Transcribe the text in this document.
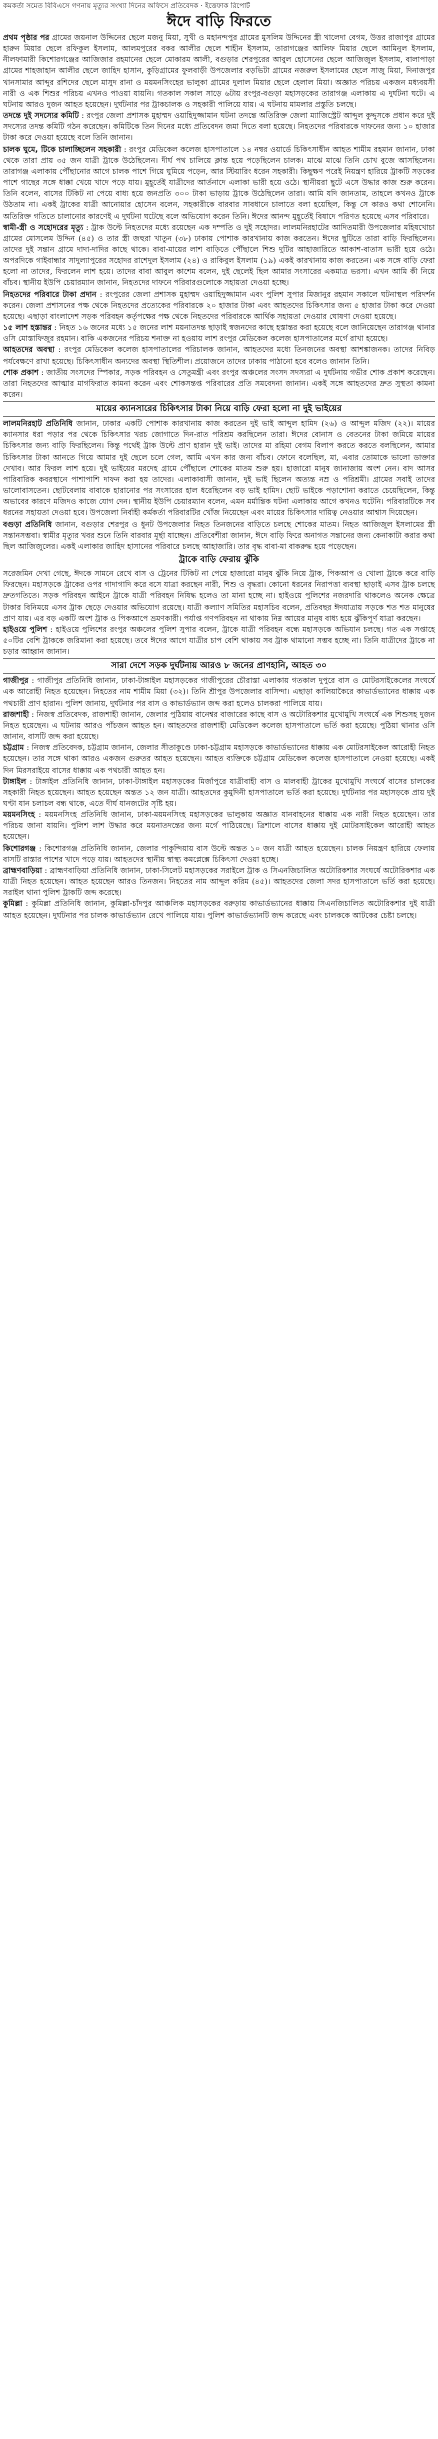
কমকর্তা সমেত বিবিএসে গণনায় মৃত্যুর সংখ্যা দিনের অফিসে প্রতিবেদক · ইত্তেফাক রিপোর্ট
ঈদে বাড়ি ফিরতে

প্রথম পৃষ্ঠার পর গ্রামের জয়নাল উদ্দিনের ছেলে মজনু মিয়া, সুখী ও মহানন্দপুর গ্রামের মুসলিম উদ্দিনের স্ত্রী খালেদা বেগম, উত্তর রাজাপুর গ্রামের হারুন মিয়ার ছেলে রফিকুল ইসলাম, আলমপুরের বকর আলীর ছেলে শাহীন ইসলাম, তারাগঞ্জের আলিফ মিয়ার ছেলে আমিনুল ইসলাম, নীলফামারী কিশোরগঞ্জের আজিজার রহমানের ছেলে মোকারম আলী, বগুড়ার শেরপুরের আবুল হোসেনের ছেলে আজিজুল ইসলাম, বালাপাড়া গ্রামের শাহজাহান আলীর ছেলে জাহিদ হাসান, কুড়িগ্রামের ফুলবাড়ী উপজেলার বড়ভিটা গ্রামের নজরুল ইসলামের ছেলে সাজু মিয়া, দিনাজপুর খানসামার আব্দুর রশিদের ছেলে মাসুদ রানা ও ময়মনসিংহের ভালুকা গ্রামের দুলাল মিয়ার ছেলে হেলাল মিয়া। অজ্ঞাত পরিচয় একজন মধ্যবয়সী নারী ও এক শিশুর পরিচয় এখনও পাওয়া যায়নি। গতকাল সকাল সাড়ে ৬টায় রংপুর-বগুড়া মহাসড়কের তারাগঞ্জ এলাকায় এ দুর্ঘটনা ঘটে। এ ঘটনায় আরও দুজন আহত হয়েছেন। দুর্ঘটনার পর ট্রাকচালক ও সহকারী পালিয়ে যায়। এ ঘটনায় মামলার প্রস্তুতি চলছে।

তদন্তে দুই সদস্যের কমিটি : রংপুর জেলা প্রশাসক মুহাম্মদ ওয়াহিদুজ্জামান ঘটনা তদন্তে অতিরিক্ত জেলা ম্যাজিস্ট্রেট আব্দুল কুদ্দুসকে প্রধান করে দুই সদস্যের তদন্ত কমিটি গঠন করেছেন। কমিটিকে তিন দিনের মধ্যে প্রতিবেদন জমা দিতে বলা হয়েছে। নিহতদের পরিবারকে দাফনের জন্য ১০ হাজার টাকা করে দেওয়া হয়েছে বলে তিনি জানান।

চালক ঘুমে, টিকে চালাচ্ছিলেন সহকারী : রংপুর মেডিকেল কলেজ হাসপাতালে ১৪ নম্বর ওয়ার্ডে চিকিৎসাধীন আহত শামীম রহমান জানান, ঢাকা থেকে তারা প্রায় ৩৫ জন যাত্রী ট্রাকে উঠেছিলেন। দীর্ঘ পথ চালিয়ে ক্লান্ত হয়ে পড়েছিলেন চালক। মাঝে মাঝে তিনি চোখ বুজে আসছিলেন। তারাগঞ্জ এলাকায় পৌঁছানোর আগে চালক পাশে গিয়ে ঘুমিয়ে পড়েন, আর স্টিয়ারিং ধরেন সহকারী। কিছুক্ষণ পরেই নিয়ন্ত্রণ হারিয়ে ট্রাকটি সড়কের পাশে গাছের সঙ্গে ধাক্কা খেয়ে খাদে পড়ে যায়। মুহূর্তেই যাত্রীদের আর্তনাদে এলাকা ভারী হয়ে ওঠে। স্থানীয়রা ছুটে এসে উদ্ধার কাজ শুরু করেন। তিনি বলেন, বাসের টিকিট না পেয়ে বাধ্য হয়ে জনপ্রতি ৩০০ টাকা ভাড়ায় ট্রাকে উঠেছিলেন তারা। আমি যদি জানতাম, তাহলে কখনও ট্রাকে উঠতাম না। একই ট্রাকের যাত্রী আনোয়ার হোসেন বলেন, সহকারীকে বারবার সাবধানে চালাতে বলা হয়েছিল, কিন্তু সে কারও কথা শোনেনি। অতিরিক্ত গতিতে চালানোর কারণেই এ দুর্ঘটনা ঘটেছে বলে অভিযোগ করেন তিনি। ঈদের আনন্দ মুহূর্তেই বিষাদে পরিণত হয়েছে এসব পরিবারে।

স্বামী-স্ত্রী ও সহোদরের মৃত্যু : ট্রাক উল্টে নিহতদের মধ্যে রয়েছেন এক দম্পতি ও দুই সহোদর। লালমনিরহাটের আদিতমারী উপজেলার মহিষখোচা গ্রামের মোসলেম উদ্দিন (৪৫) ও তার স্ত্রী জহুরা খাতুন (৩৮) ঢাকায় পোশাক কারখানায় কাজ করতেন। ঈদের ছুটিতে তারা বাড়ি ফিরছিলেন। তাদের দুই সন্তান গ্রামে দাদা-দাদির কাছে থাকে। বাবা-মায়ের লাশ বাড়িতে পৌঁছালে শিশু দুটির আহাজারিতে আকাশ-বাতাস ভারী হয়ে ওঠে। অপরদিকে গাইবান্ধার সাদুল্যাপুরের সহোদর রাশেদুল ইসলাম (২৪) ও রাকিবুল ইসলাম (১৯) একই কারখানায় কাজ করতেন। এক সঙ্গে বাড়ি ফেরা হলো না তাদের, ফিরলেন লাশ হয়ে। তাদের বাবা আবুল কাশেম বলেন, দুই ছেলেই ছিল আমার সংসারের একমাত্র ভরসা। এখন আমি কী নিয়ে বাঁচব। স্থানীয় ইউপি চেয়ারম্যান জানান, নিহতদের দাফনে পরিবারগুলোকে সহায়তা দেওয়া হচ্ছে।

নিহতদের পরিবারে টাকা প্রদান : রংপুরের জেলা প্রশাসক মুহাম্মদ ওয়াহিদুজ্জামান এবং পুলিশ সুপার মিজানুর রহমান সকালে ঘটনাস্থল পরিদর্শন করেন। জেলা প্রশাসনের পক্ষ থেকে নিহতদের প্রত্যেকের পরিবারকে ২০ হাজার টাকা এবং আহতদের চিকিৎসার জন্য ৫ হাজার টাকা করে দেওয়া হয়েছে। এছাড়া বাংলাদেশ সড়ক পরিবহন কর্তৃপক্ষের পক্ষ থেকে নিহতদের পরিবারকে আর্থিক সহায়তা দেওয়ার ঘোষণা দেওয়া হয়েছে।

১৫ লাশ হস্তান্তর : নিহত ১৬ জনের মধ্যে ১৫ জনের লাশ ময়নাতদন্ত ছাড়াই স্বজনদের কাছে হস্তান্তর করা হয়েছে বলে জানিয়েছেন তারাগঞ্জ থানার ওসি মোস্তাফিজুর রহমান। বাকি একজনের পরিচয় শনাক্ত না হওয়ায় লাশ রংপুর মেডিকেল কলেজ হাসপাতালের মর্গে রাখা হয়েছে।

আহতদের অবস্থা : রংপুর মেডিকেল কলেজ হাসপাতালের পরিচালক জানান, আহতদের মধ্যে তিনজনের অবস্থা আশঙ্কাজনক। তাদের নিবিড় পর্যবেক্ষণে রাখা হয়েছে। চিকিৎসাধীন অন্যদের অবস্থা স্থিতিশীল। প্রয়োজনে তাদের ঢাকায় পাঠানো হবে বলেও জানান তিনি।

শোক প্রকাশ : জাতীয় সংসদের স্পিকার, সড়ক পরিবহন ও সেতুমন্ত্রী এবং রংপুর অঞ্চলের সংসদ সদস্যরা এ দুর্ঘটনায় গভীর শোক প্রকাশ করেছেন। তারা নিহতদের আত্মার মাগফিরাত কামনা করেন এবং শোকসন্তপ্ত পরিবারের প্রতি সমবেদনা জানান। একই সঙ্গে আহতদের দ্রুত সুস্থতা কামনা করেন।

মায়ের ক্যানসারের চিকিৎসার টাকা নিয়ে বাড়ি ফেরা হলো না দুই ভাইয়ের

লালমনিরহাট প্রতিনিধি জানান, ঢাকার একটি পোশাক কারখানায় কাজ করতেন দুই ভাই আব্দুল হামিদ (২৬) ও আব্দুল মজিদ (২২)। মায়ের ক্যানসার ধরা পড়ার পর থেকে চিকিৎসার খরচ জোগাতে দিন-রাত পরিশ্রম করছিলেন তারা। ঈদের বোনাস ও বেতনের টাকা জমিয়ে মায়ের চিকিৎসার জন্য বাড়ি ফিরছিলেন। কিন্তু পথেই ট্রাক উল্টে প্রাণ হারান দুই ভাই। তাদের মা রহিমা বেগম বিলাপ করতে করতে বলছিলেন, আমার চিকিৎসার টাকা আনতে গিয়ে আমার দুই ছেলে চলে গেল, আমি এখন কার জন্য বাঁচব। ফোনে বলেছিল, মা, এবার তোমাকে ভালো ডাক্তার দেখাব। আর ফিরল লাশ হয়ে। দুই ভাইয়ের মরদেহ গ্রামে পৌঁছালে শোকের মাতম শুরু হয়। হাজারো মানুষ জানাজায় অংশ নেন। বাদ আসর পারিবারিক কবরস্থানে পাশাপাশি দাফন করা হয় তাদের। এলাকাবাসী জানান, দুই ভাই ছিলেন অত্যন্ত নম্র ও পরিশ্রমী। গ্রামের সবাই তাদের ভালোবাসতেন। ছোটবেলায় বাবাকে হারানোর পর সংসারের হাল ধরেছিলেন বড় ভাই হামিদ। ছোট ভাইকে পড়াশোনা করাতে চেয়েছিলেন, কিন্তু অভাবের কারণে মজিদও কাজে যোগ দেন। স্থানীয় ইউপি চেয়ারম্যান বলেন, এমন মর্মান্তিক ঘটনা এলাকায় আগে কখনও ঘটেনি। পরিবারটিকে সব ধরনের সহায়তা দেওয়া হবে। উপজেলা নির্বাহী কর্মকর্তা পরিবারটির খোঁজ নিয়েছেন এবং মায়ের চিকিৎসার দায়িত্ব নেওয়ার আশ্বাস দিয়েছেন।

বগুড়া প্রতিনিধি জানান, বগুড়ার শেরপুর ও ধুনট উপজেলার নিহত তিনজনের বাড়িতে চলছে শোকের মাতম। নিহত আজিজুল ইসলামের স্ত্রী সন্তানসম্ভবা। স্বামীর মৃত্যুর খবর শুনে তিনি বারবার মূর্ছা যাচ্ছেন। প্রতিবেশীরা জানান, ঈদে বাড়ি ফিরে অনাগত সন্তানের জন্য কেনাকাটা করার কথা ছিল আজিজুলের। একই এলাকার জাহিদ হাসানের পরিবারে চলছে আহাজারি। তার বৃদ্ধ বাবা-মা বাকরুদ্ধ হয়ে পড়েছেন।

ট্রাকে বাড়ি ফেরায় ঝুঁকি

সরেজমিন দেখা গেছে, ঈদকে সামনে রেখে বাস ও ট্রেনের টিকিট না পেয়ে হাজারো মানুষ ঝুঁকি নিয়ে ট্রাক, পিকআপ ও খোলা ট্রাকে করে বাড়ি ফিরছেন। মহাসড়কে ট্রাকের ওপর গাদাগাদি করে বসে যাত্রা করছেন নারী, শিশু ও বৃদ্ধরা। কোনো ধরনের নিরাপত্তা ব্যবস্থা ছাড়াই এসব ট্রাক চলছে দ্রুতগতিতে। সড়ক পরিবহন আইনে ট্রাকে যাত্রী পরিবহন নিষিদ্ধ হলেও তা মানা হচ্ছে না। হাইওয়ে পুলিশের নজরদারি থাকলেও অনেক ক্ষেত্রে টাকার বিনিময়ে এসব ট্রাক ছেড়ে দেওয়ার অভিযোগ রয়েছে। যাত্রী কল্যাণ সমিতির মহাসচিব বলেন, প্রতিবছর ঈদযাত্রায় সড়কে শত শত মানুষের প্রাণ যায়। এর বড় একটি অংশ ট্রাক ও পিকআপে ভ্রমণকারী। পর্যাপ্ত গণপরিবহন না থাকায় নিম্ন আয়ের মানুষ বাধ্য হয়ে ঝুঁকিপূর্ণ যাত্রা করছেন।

হাইওয়ে পুলিশ : হাইওয়ে পুলিশের রংপুর অঞ্চলের পুলিশ সুপার বলেন, ট্রাকে যাত্রী পরিবহন বন্ধে মহাসড়কে অভিযান চলছে। গত এক সপ্তাহে ৫০টির বেশি ট্রাককে জরিমানা করা হয়েছে। তবে ঈদের আগে যাত্রীর চাপ বেশি থাকায় সব ট্রাক থামানো সম্ভব হচ্ছে না। তিনি যাত্রীদের ট্রাকে না চড়ার আহ্বান জানান।

সারা দেশে সড়ক দুর্ঘটনায় আরও ৮ জনের প্রাণহানি, আহত ৩০

গাজীপুর : গাজীপুর প্রতিনিধি জানান, ঢাকা-টাঙ্গাইল মহাসড়কের গাজীপুরের চৌরাস্তা এলাকায় গতকাল দুপুরে বাস ও মোটরসাইকেলের সংঘর্ষে এক আরোহী নিহত হয়েছেন। নিহতের নাম শামীম মিয়া (৩২)। তিনি শ্রীপুর উপজেলার বাসিন্দা। এছাড়া কালিয়াকৈরে কাভার্ডভ্যানের ধাক্কায় এক পথচারী প্রাণ হারান। পুলিশ জানায়, দুর্ঘটনার পর বাস ও কাভার্ডভ্যান জব্দ করা হলেও চালকরা পালিয়ে যায়।

রাজশাহী : নিজস্ব প্রতিবেদক, রাজশাহী জানান, জেলার পুঠিয়ায় বানেশ্বর বাজারের কাছে বাস ও অটোরিকশার মুখোমুখি সংঘর্ষে এক শিশুসহ দুজন নিহত হয়েছেন। এ ঘটনায় আরও পাঁচজন আহত হন। আহতদের রাজশাহী মেডিকেল কলেজ হাসপাতালে ভর্তি করা হয়েছে। পুঠিয়া থানার ওসি জানান, বাসটি জব্দ করা হয়েছে।

চট্টগ্রাম : নিজস্ব প্রতিবেদক, চট্টগ্রাম জানান, জেলার সীতাকুণ্ডে ঢাকা-চট্টগ্রাম মহাসড়কে কাভার্ডভ্যানের ধাক্কায় এক মোটরসাইকেল আরোহী নিহত হয়েছেন। তার সঙ্গে থাকা আরও একজন গুরুতর আহত হয়েছেন। আহত ব্যক্তিকে চট্টগ্রাম মেডিকেল কলেজ হাসপাতালে নেওয়া হয়েছে। একই দিন মিরসরাইয়ে বাসের ধাক্কায় এক পথচারী আহত হন।

টাঙ্গাইল : টাঙ্গাইল প্রতিনিধি জানান, ঢাকা-টাঙ্গাইল মহাসড়কের মির্জাপুরে যাত্রীবাহী বাস ও মালবাহী ট্রাকের মুখোমুখি সংঘর্ষে বাসের চালকের সহকারী নিহত হয়েছেন। আহত হয়েছেন অন্তত ১২ জন যাত্রী। আহতদের কুমুদিনী হাসপাতালে ভর্তি করা হয়েছে। দুর্ঘটনার পর মহাসড়কে প্রায় দুই ঘণ্টা যান চলাচল বন্ধ থাকে, এতে দীর্ঘ যানজটের সৃষ্টি হয়।

ময়মনসিংহ : ময়মনসিংহ প্রতিনিধি জানান, ঢাকা-ময়মনসিংহ মহাসড়কের ভালুকায় অজ্ঞাত যানবাহনের ধাক্কায় এক নারী নিহত হয়েছেন। তার পরিচয় জানা যায়নি। পুলিশ লাশ উদ্ধার করে ময়নাতদন্তের জন্য মর্গে পাঠিয়েছে। ত্রিশালে বাসের ধাক্কায় দুই মোটরসাইকেল আরোহী আহত হয়েছেন।

কিশোরগঞ্জ : কিশোরগঞ্জ প্রতিনিধি জানান, জেলার পাকুন্দিয়ায় বাস উল্টে অন্তত ১০ জন যাত্রী আহত হয়েছেন। চালক নিয়ন্ত্রণ হারিয়ে ফেলায় বাসটি রাস্তার পাশের খাদে পড়ে যায়। আহতদের স্থানীয় স্বাস্থ্য কমপ্লেক্সে চিকিৎসা দেওয়া হচ্ছে।

ব্রাহ্মণবাড়িয়া : ব্রাহ্মণবাড়িয়া প্রতিনিধি জানান, ঢাকা-সিলেট মহাসড়কের সরাইলে ট্রাক ও সিএনজিচালিত অটোরিকশার সংঘর্ষে অটোরিকশার এক যাত্রী নিহত হয়েছেন। আহত হয়েছেন আরও তিনজন। নিহতের নাম আব্দুল করিম (৪৫)। আহতদের জেলা সদর হাসপাতালে ভর্তি করা হয়েছে। সরাইল থানা পুলিশ ট্রাকটি জব্দ করেছে।

কুমিল্লা : কুমিল্লা প্রতিনিধি জানান, কুমিল্লা-চাঁদপুর আঞ্চলিক মহাসড়কের বরুড়ায় কাভার্ডভ্যানের ধাক্কায় সিএনজিচালিত অটোরিকশার দুই যাত্রী আহত হয়েছেন। দুর্ঘটনার পর চালক কাভার্ডভ্যান রেখে পালিয়ে যায়। পুলিশ কাভার্ডভ্যানটি জব্দ করেছে এবং চালককে আটকের চেষ্টা চলছে।
